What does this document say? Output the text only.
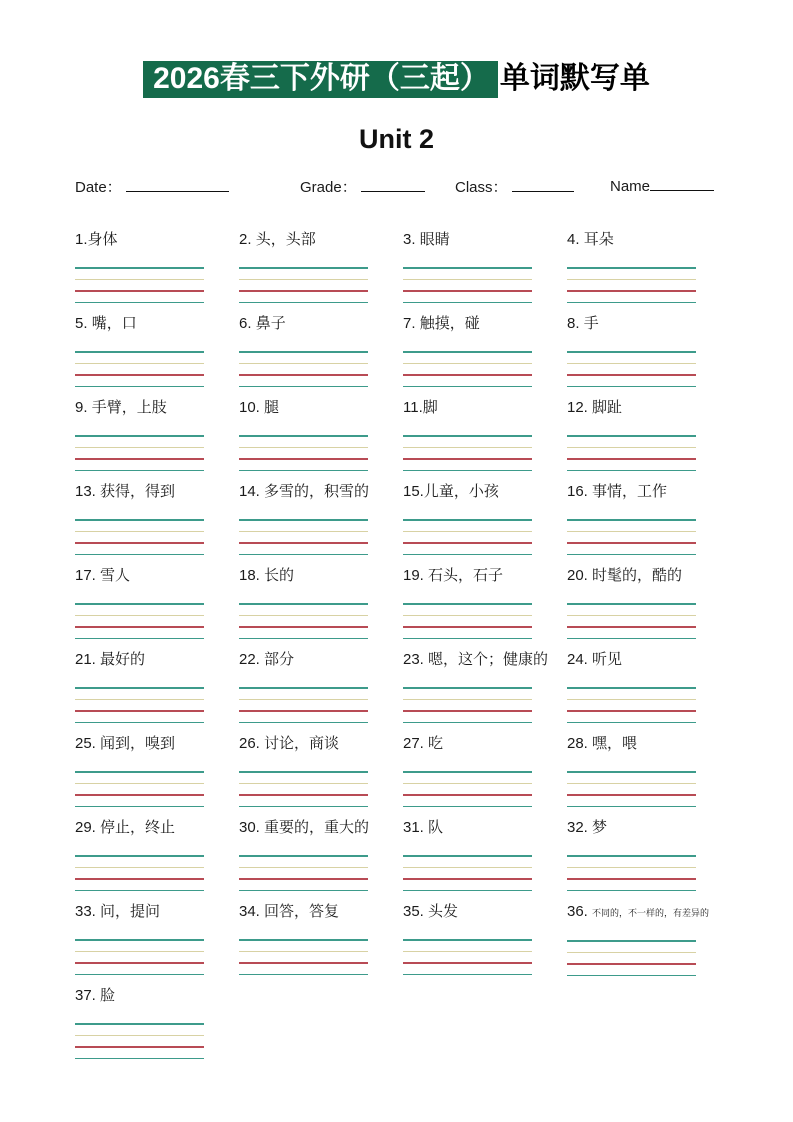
2026春三下外研（三起） 单词默写单
Unit 2
Date：	Grade：	Class：	Name
1.身体	2. 头，头部	3. 眼睛	4. 耳朵
5. 嘴，口	6. 鼻子	7. 触摸，碰	8. 手
9. 手臂，上肢	10. 腿	11.脚	12. 脚趾
13. 获得，得到	14. 多雪的，积雪的	15.儿童，小孩	16. 事情，工作
17. 雪人	18. 长的	19. 石头，石子	20. 时髦的，酷的
21. 最好的	22. 部分	23. 嗯，这个；健康的	24. 听见
25. 闻到，嗅到	26. 讨论，商谈	27. 吃	28. 嘿，喂
29. 停止，终止	30. 重要的，重大的	31. 队	32. 梦
33. 问，提问	34. 回答，答复	35. 头发	36. 不同的，不一样的，有差异的
37. 脸
